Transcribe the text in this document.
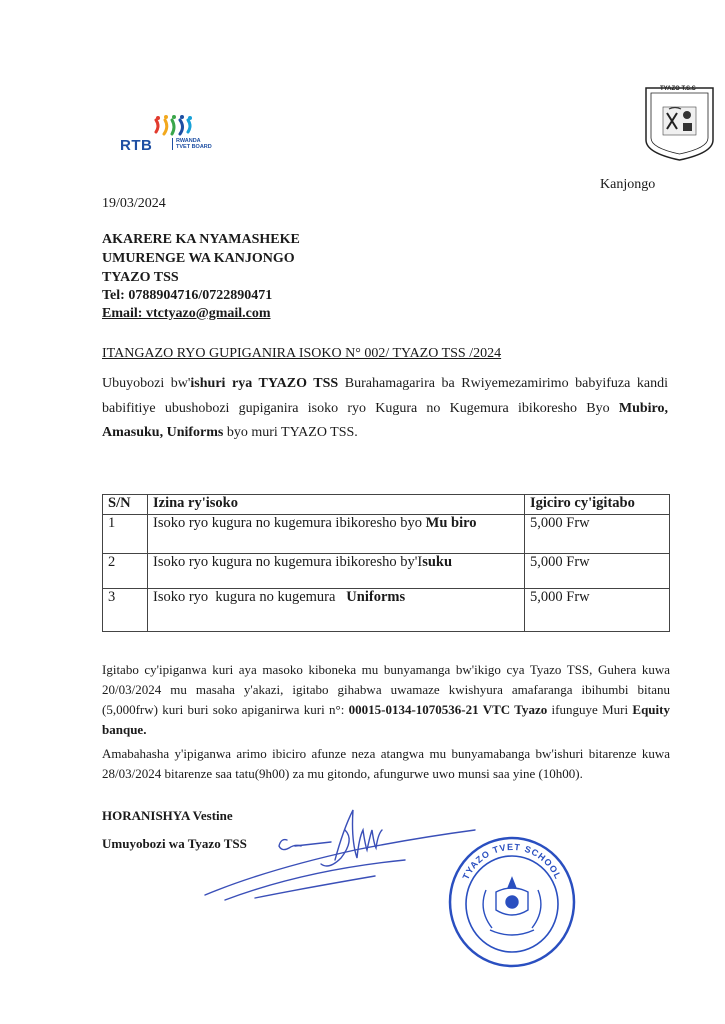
RTB	RWANDA
TVET BOARD
TYAZO T.S.S
Kanjongo
19/03/2024
AKARERE KA NYAMASHEKE
UMURENGE WA KANJONGO
TYAZO TSS
Tel: 0788904716/0722890471
Email: vtctyazo@gmail.com
ITANGAZO RYO GUPIGANIRA ISOKO N° 002/ TYAZO TSS /2024
Ubuyobozi bw'ishuri rya TYAZO TSS Burahamagarira ba Rwiyemezamirimo babyifuza kandi babifitiye ubushobozi gupiganira isoko ryo Kugura no Kugemura ibikoresho Byo Mubiro, Amasuku, Uniforms byo muri TYAZO TSS.
S/N	Izina ry'isoko	Igiciro cy'igitabo
1	Isoko ryo kugura no kugemura ibikoresho byo Mu biro	5,000 Frw
2	Isoko ryo kugura no kugemura ibikoresho by'Isuku	5,000 Frw
3	Isoko ryo  kugura no kugemura   Uniforms	5,000 Frw
Igitabo cy'ipiganwa kuri aya masoko kiboneka mu bunyamanga bw'ikigo cya Tyazo TSS, Guhera kuwa 20/03/2024 mu masaha y'akazi, igitabo gihabwa uwamaze kwishyura amafaranga ibihumbi bitanu (5,000frw) kuri buri soko apiganirwa kuri n°: 00015-0134-1070536-21 VTC Tyazo ifunguye Muri Equity banque.
Amabahasha y'ipiganwa arimo ibiciro afunze neza atangwa mu bunyamabanga bw'ishuri bitarenze kuwa 28/03/2024 bitarenze saa tatu(9h00) za mu gitondo, afungurwe uwo munsi saa yine (10h00).
HORANISHYA Vestine
Umuyobozi wa Tyazo TSS
TYAZO TVET SCHOOL
